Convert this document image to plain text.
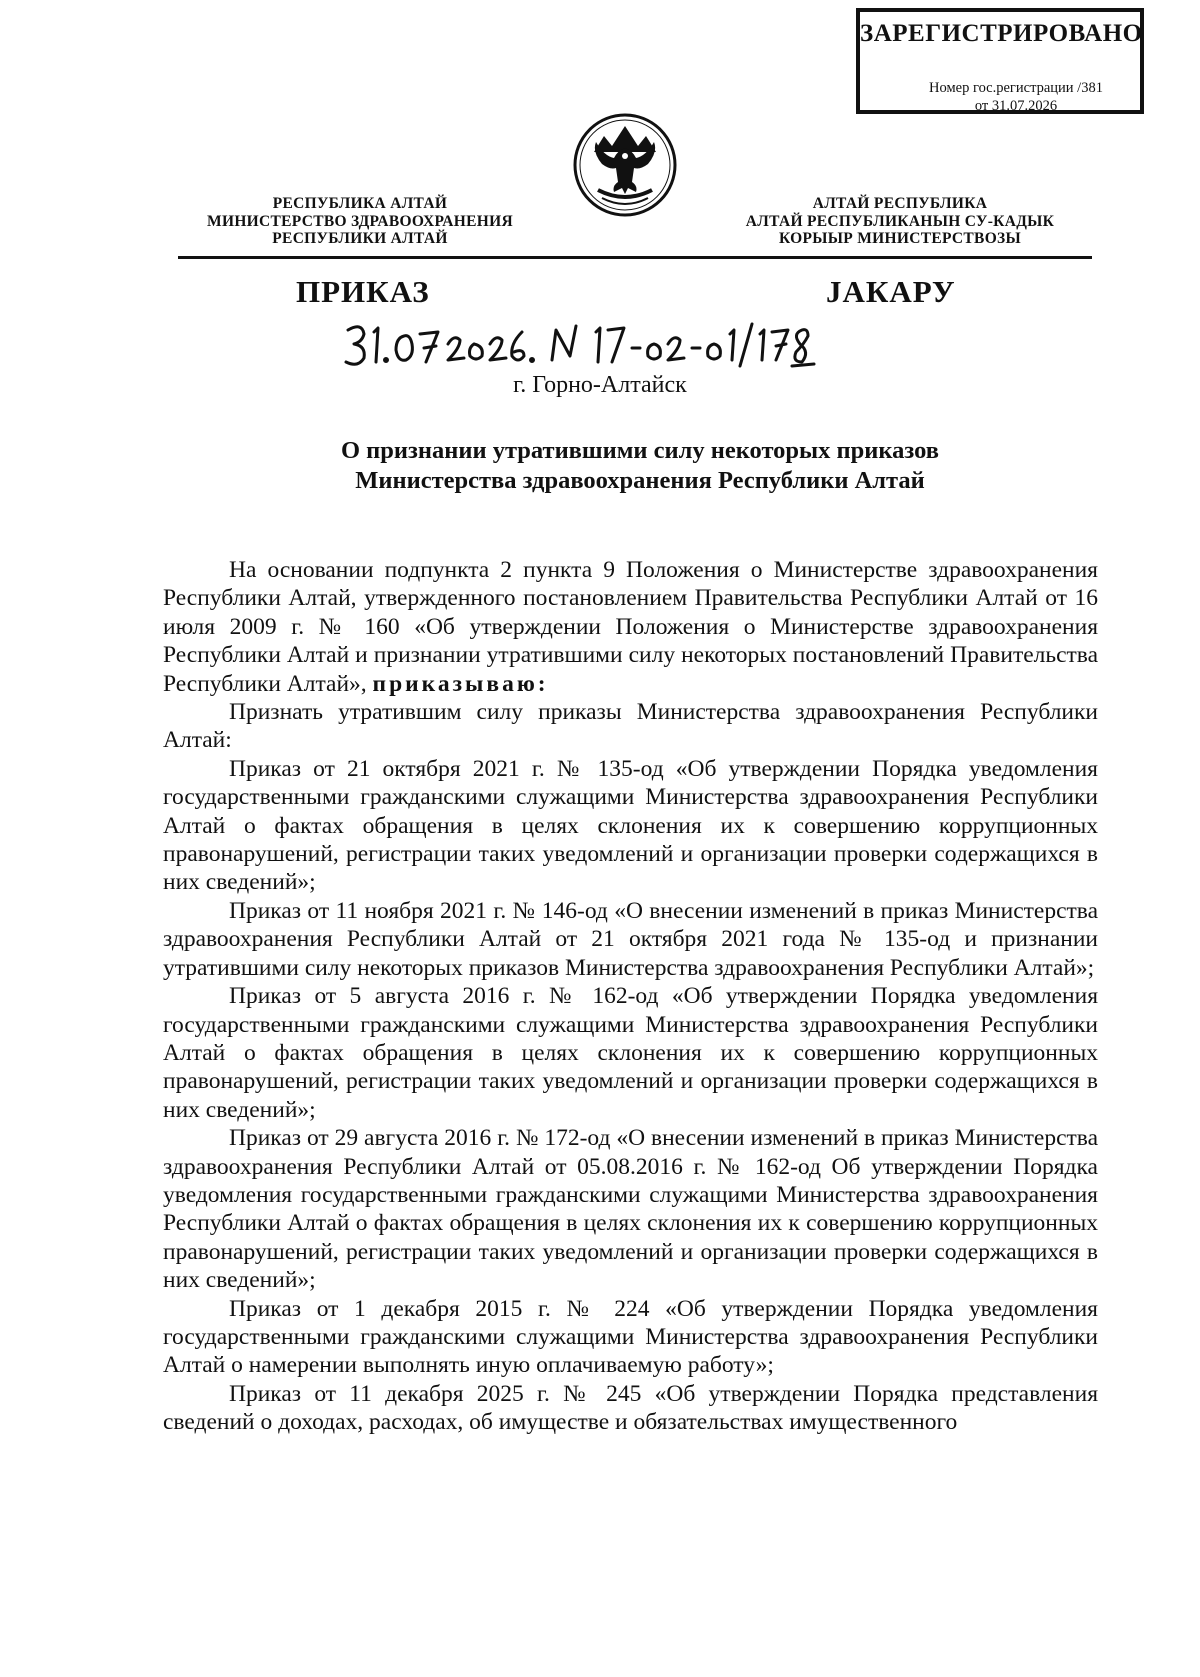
ЗАРЕГИСТРИРОВАНО
Номер гос.регистрации /381
от 31.07.2026
РЕСПУБЛИКА АЛТАЙ
МИНИСТЕРСТВО ЗДРАВООХРАНЕНИЯ
РЕСПУБЛИКИ АЛТАЙ
АЛТАЙ РЕСПУБЛИКА
АЛТАЙ РЕСПУБЛИКАНЫН СУ-КАДЫК
КОРЫЫР МИНИСТЕРСТВОЗЫ
ПРИКАЗ	JАКАРУ
г. Горно-Алтайск
О признании утратившими силу некоторых приказов
Министерства здравоохранения Республики Алтай

На основании подпункта 2 пункта 9 Положения о Министерстве здравоохранения Республики Алтай, утвержденного постановлением Правительства Республики Алтай от 16 июля 2009 г. № 160 «Об утверждении Положения о Министерстве здравоохранения Республики Алтай и признании утратившими силу некоторых постановлений Правительства Республики Алтай», приказываю:

Признать утратившим силу приказы Министерства здравоохранения Республики Алтай:

Приказ от 21 октября 2021 г. № 135-од «Об утверждении Порядка уведомления государственными гражданскими служащими Министерства здравоохранения Республики Алтай о фактах обращения в целях склонения их к совершению коррупционных правонарушений, регистрации таких уведомлений и организации проверки содержащихся в них сведений»;

Приказ от 11 ноября 2021 г. № 146-од «О внесении изменений в приказ Министерства здравоохранения Республики Алтай от 21 октября 2021 года № 135-од и признании утратившими силу некоторых приказов Министерства здравоохранения Республики Алтай»;

Приказ от 5 августа 2016 г. № 162-од «Об утверждении Порядка уведомления государственными гражданскими служащими Министерства здравоохранения Республики Алтай о фактах обращения в целях склонения их к совершению коррупционных правонарушений, регистрации таких уведомлений и организации проверки содержащихся в них сведений»;

Приказ от 29 августа 2016 г. № 172-од «О внесении изменений в приказ Министерства здравоохранения Республики Алтай от 05.08.2016 г. № 162-од Об утверждении Порядка уведомления государственными гражданскими служащими Министерства здравоохранения Республики Алтай о фактах обращения в целях склонения их к совершению коррупционных правонарушений, регистрации таких уведомлений и организации проверки содержащихся в них сведений»;

Приказ от 1 декабря 2015 г. № 224 «Об утверждении Порядка уведомления государственными гражданскими служащими Министерства здравоохранения Республики Алтай о намерении выполнять иную оплачиваемую работу»;

Приказ от 11 декабря 2025 г. № 245 «Об утверждении Порядка представления сведений о доходах, расходах, об имуществе и обязательствах имущественного
